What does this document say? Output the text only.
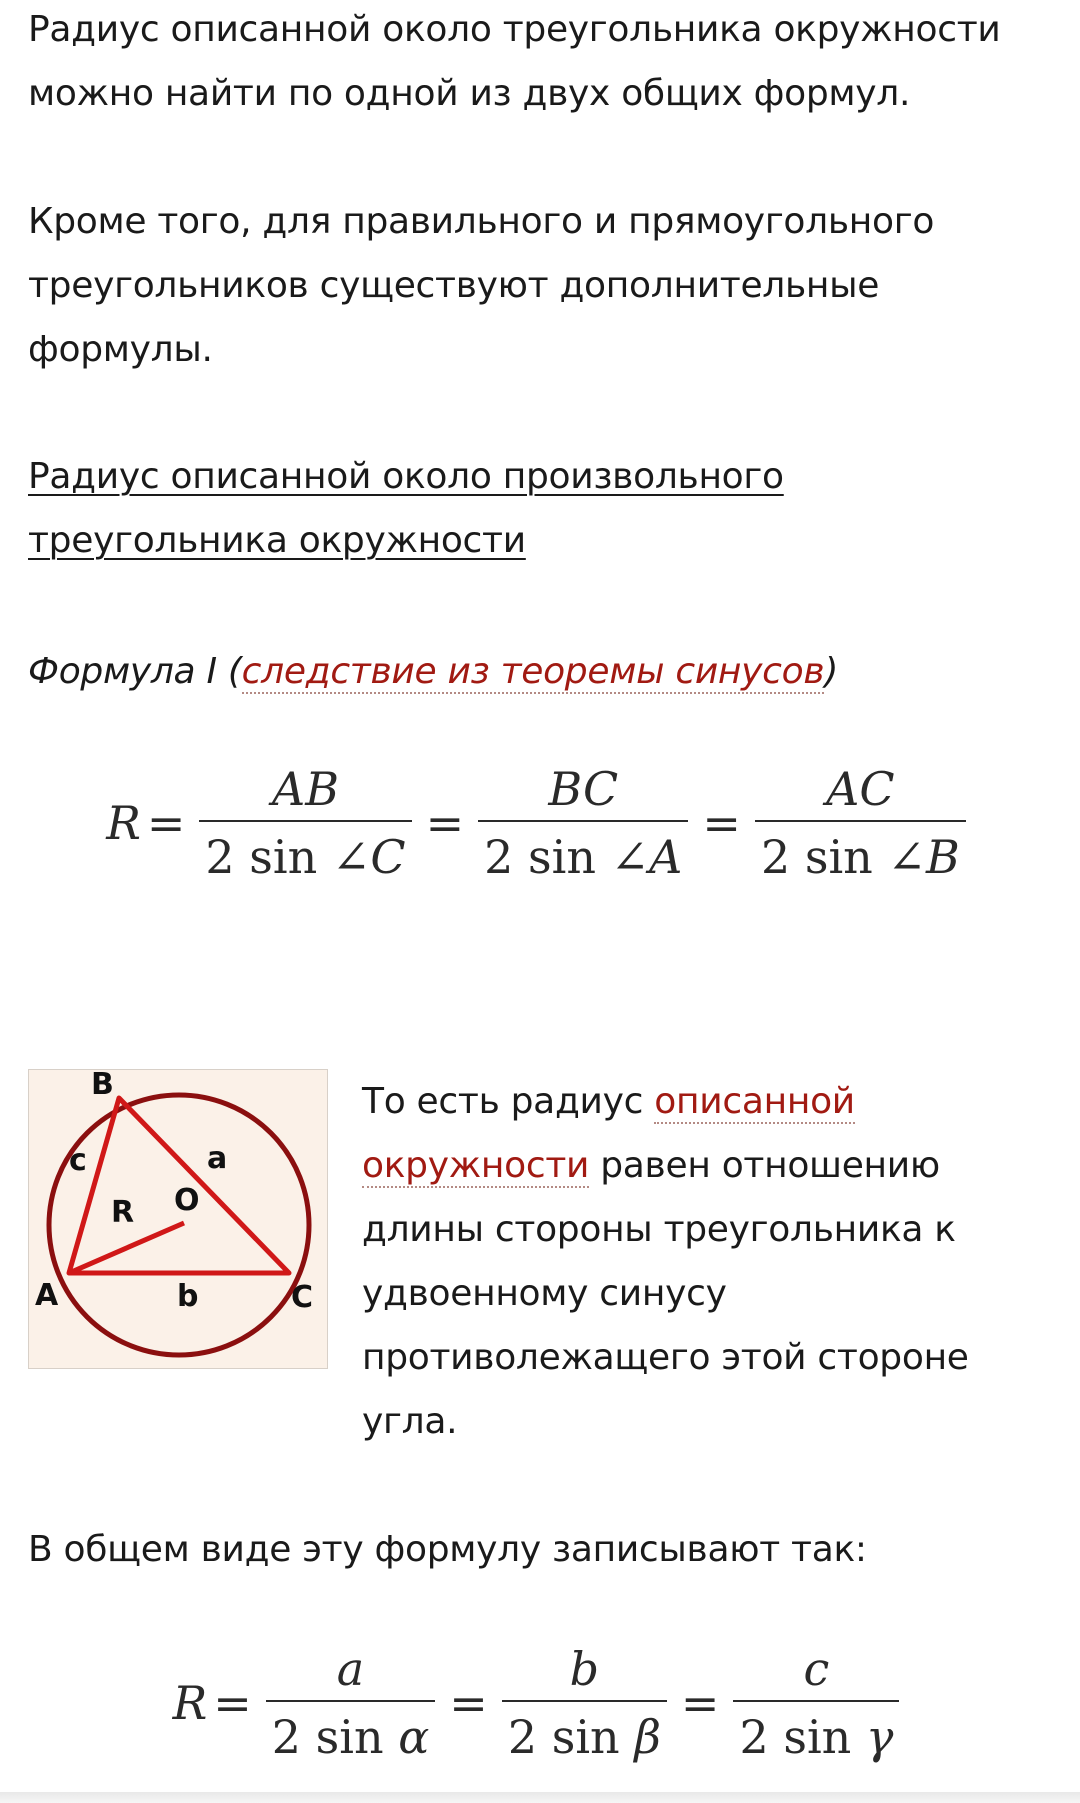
Радиус описанной около треугольника окружности можно найти по одной из двух общих формул.

Кроме того, для правильного и прямоугольного треугольников существуют дополнительные формулы.

Радиус описанной около произвольного треугольника окружности

Формула I (следствие из теоремы синусов)

$R = \frac{AB}{2 \sin \angle C} = \frac{BC}{2 \sin \angle A} = \frac{AC}{2 \sin \angle B}$
B
c	a
O
R
A	b	C

То есть радиус описанной окружности равен отношению длины стороны треугольника к удвоенному синусу противолежащего этой стороне угла.

В общем виде эту формулу записывают так:

$R = \frac{a}{\text{2 sin α}} = \frac{b}{\text{2 sin β}} = \frac{c}{\text{2 sin γ}}$
